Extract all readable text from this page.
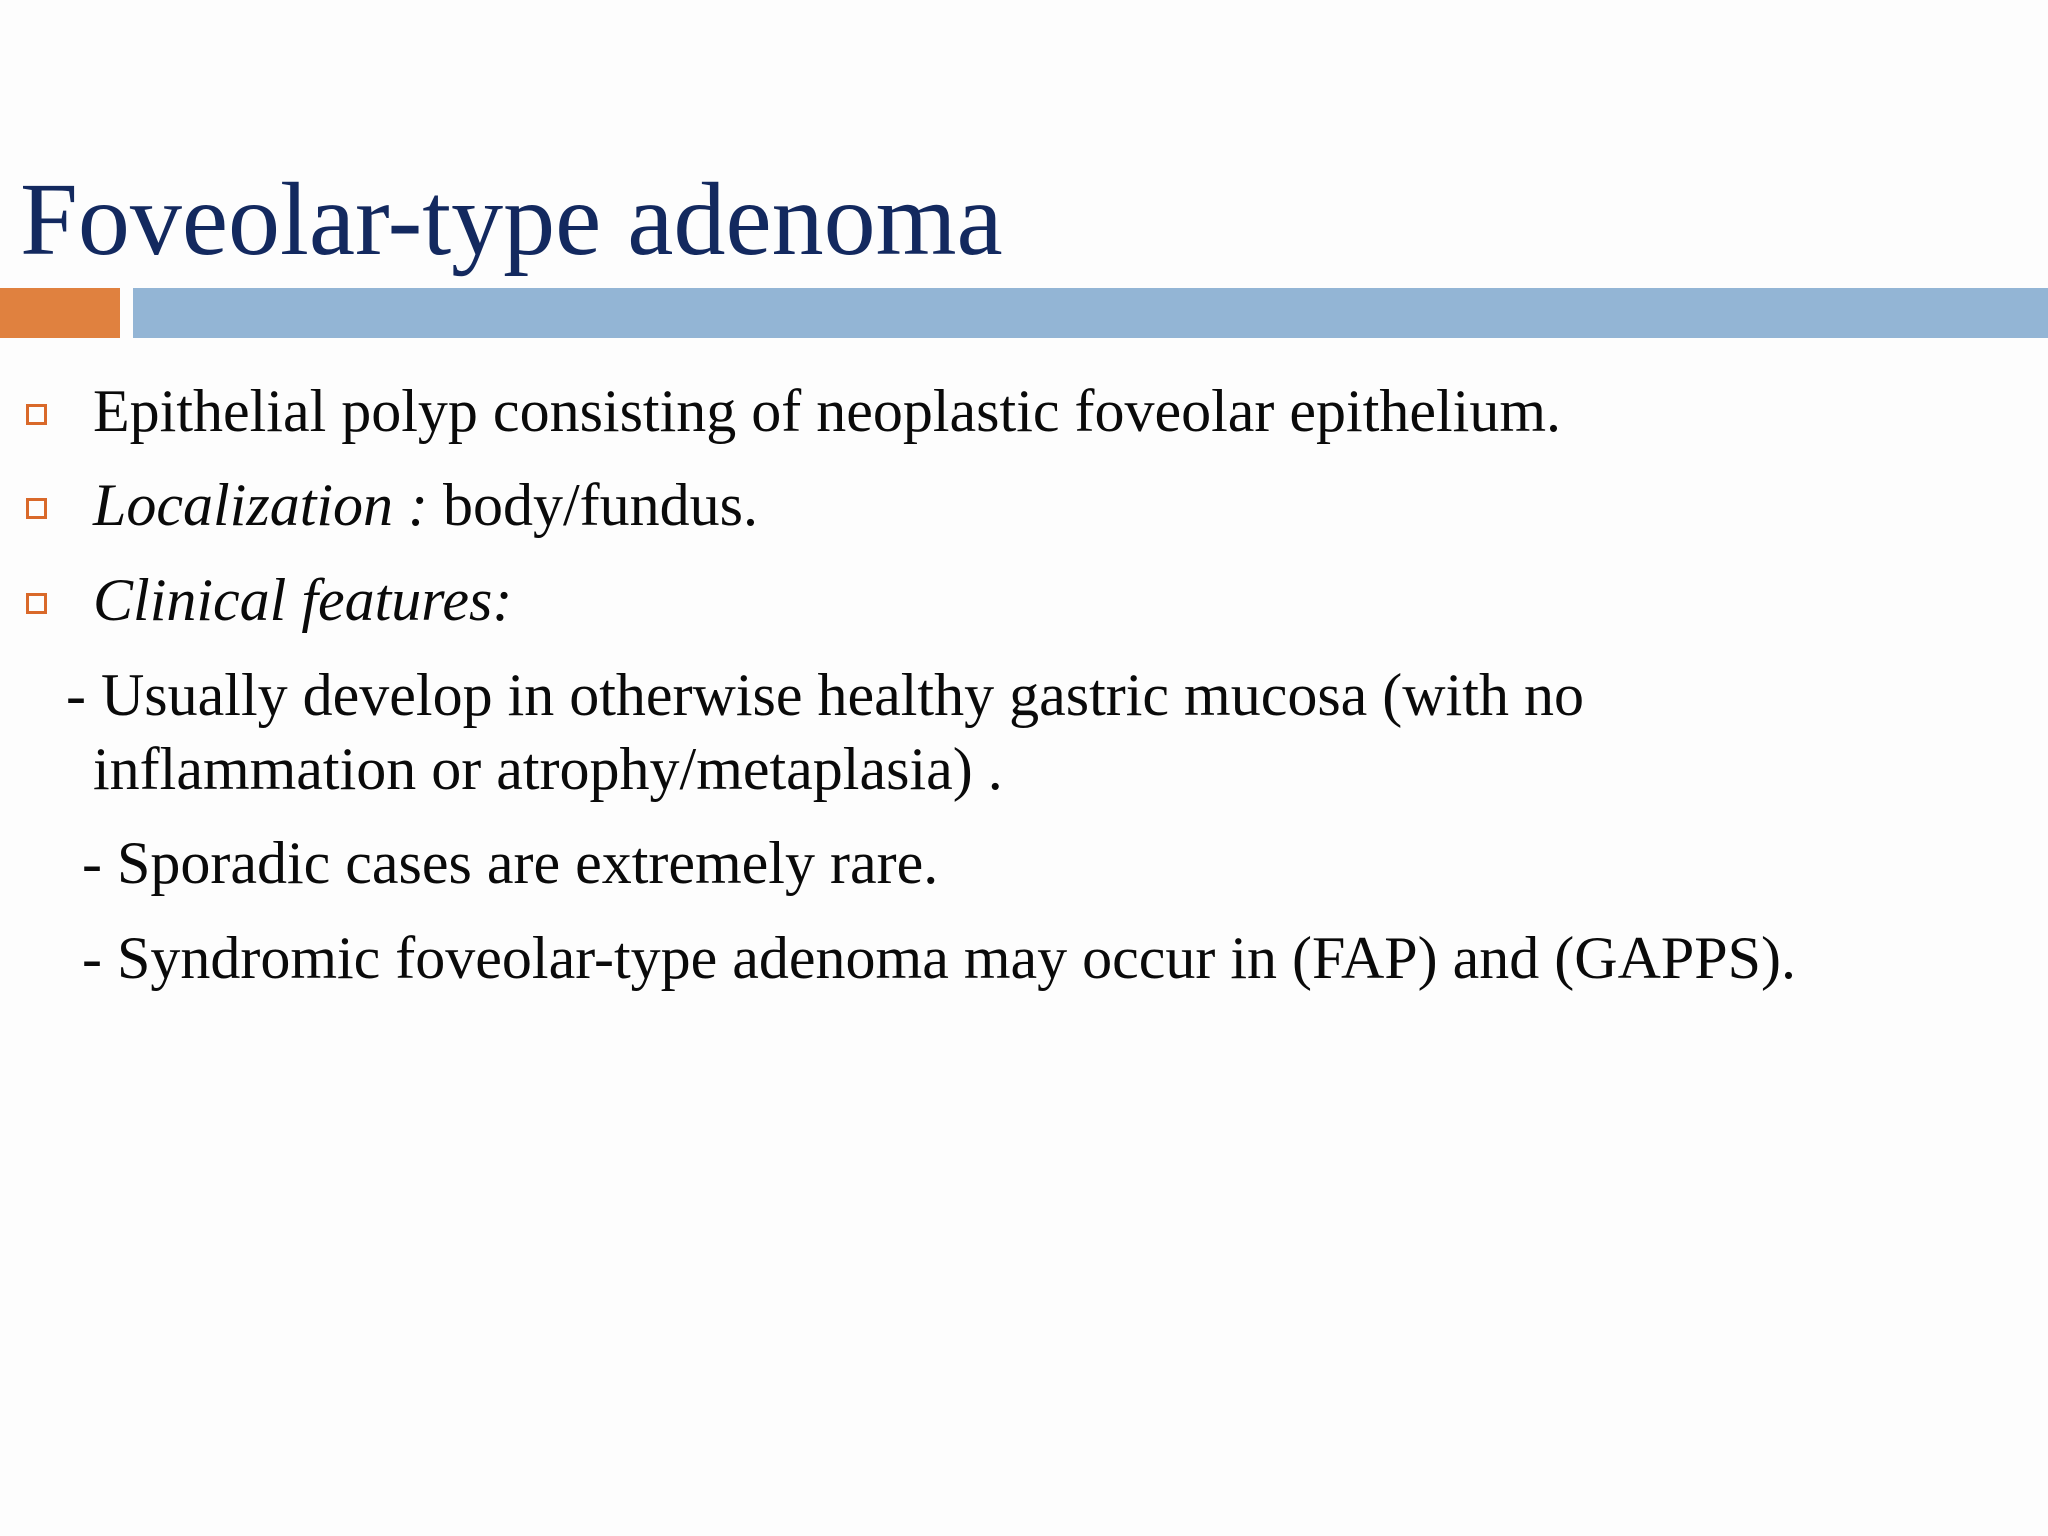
Foveolar-type adenoma
Epithelial polyp consisting of neoplastic foveolar epithelium.
Localization : body/fundus.
Clinical features:
- Usually develop in otherwise healthy gastric mucosa (with no
inflammation or atrophy/metaplasia) .
- Sporadic cases are extremely rare.
- Syndromic foveolar-type adenoma may occur in (FAP) and (GAPPS).
